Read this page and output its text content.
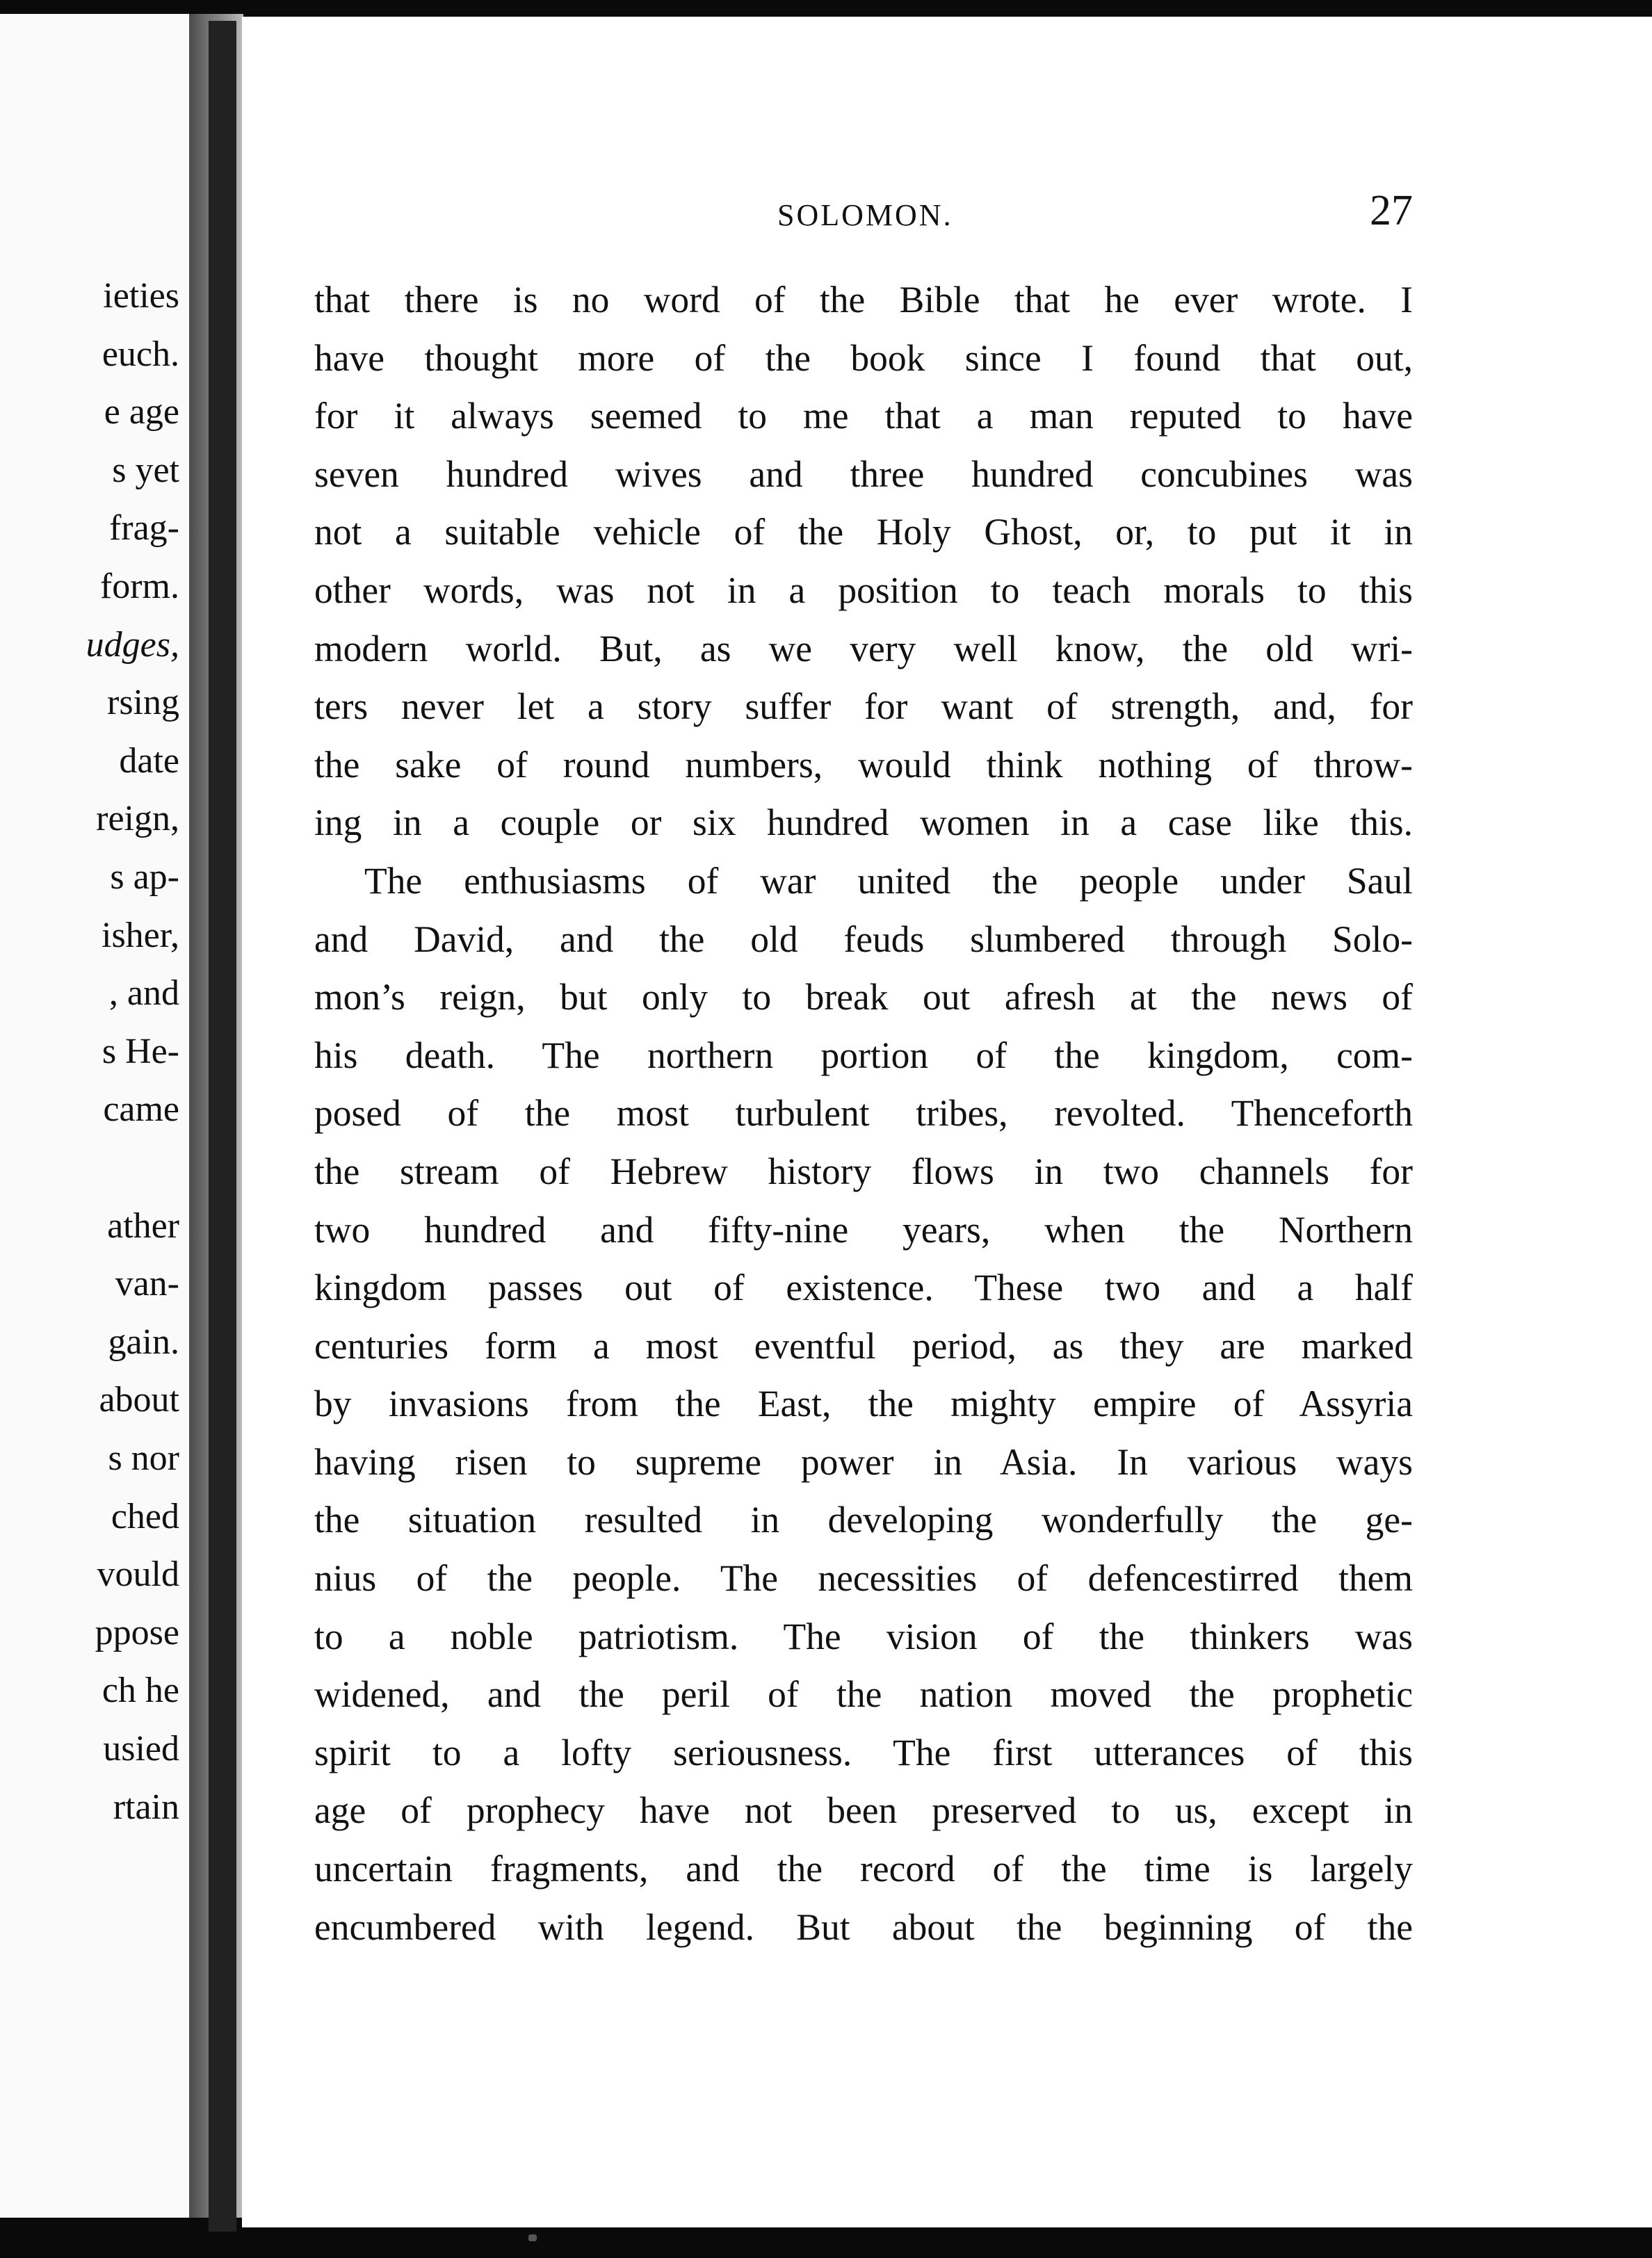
ieties
euch.
e age
s yet
frag-
form.
udges,
rsing
date
reign,
s ap-
isher,
, and
s He-
came
ather
van-
gain.
about
s nor
ched
vould
ppose
ch he
usied
rtain
SOLOMON.	27
that there is no word of the Bible that he ever wrote. I
have thought more of the book since I found that out,
for it always seemed to me that a man reputed to have
seven hundred wives and three hundred concubines was
not a suitable vehicle of the Holy Ghost, or, to put it in
other words, was not in a position to teach morals to this
modern world. But, as we very well know, the old wri-
ters never let a story suffer for want of strength, and, for
the sake of round numbers, would think nothing of throw-
ing in a couple or six hundred women in a case like this.
The enthusiasms of war united the people under Saul
and David, and the old feuds slumbered through Solo-
mon’s reign, but only to break out afresh at the news of
his death. The northern portion of the kingdom, com-
posed of the most turbulent tribes, revolted. Thenceforth
the stream of Hebrew history flows in two channels for
two hundred and fifty-nine years, when the Northern
kingdom passes out of existence. These two and a half
centuries form a most eventful period, as they are marked
by invasions from the East, the mighty empire of Assyria
having risen to supreme power in Asia. In various ways
the situation resulted in developing wonderfully the ge-
nius of the people. The necessities of defencestirred them
to a noble patriotism. The vision of the thinkers was
widened, and the peril of the nation moved the prophetic
spirit to a lofty seriousness. The first utterances of this
age of prophecy have not been preserved to us, except in
uncertain fragments, and the record of the time is largely
encumbered with legend. But about the beginning of the
